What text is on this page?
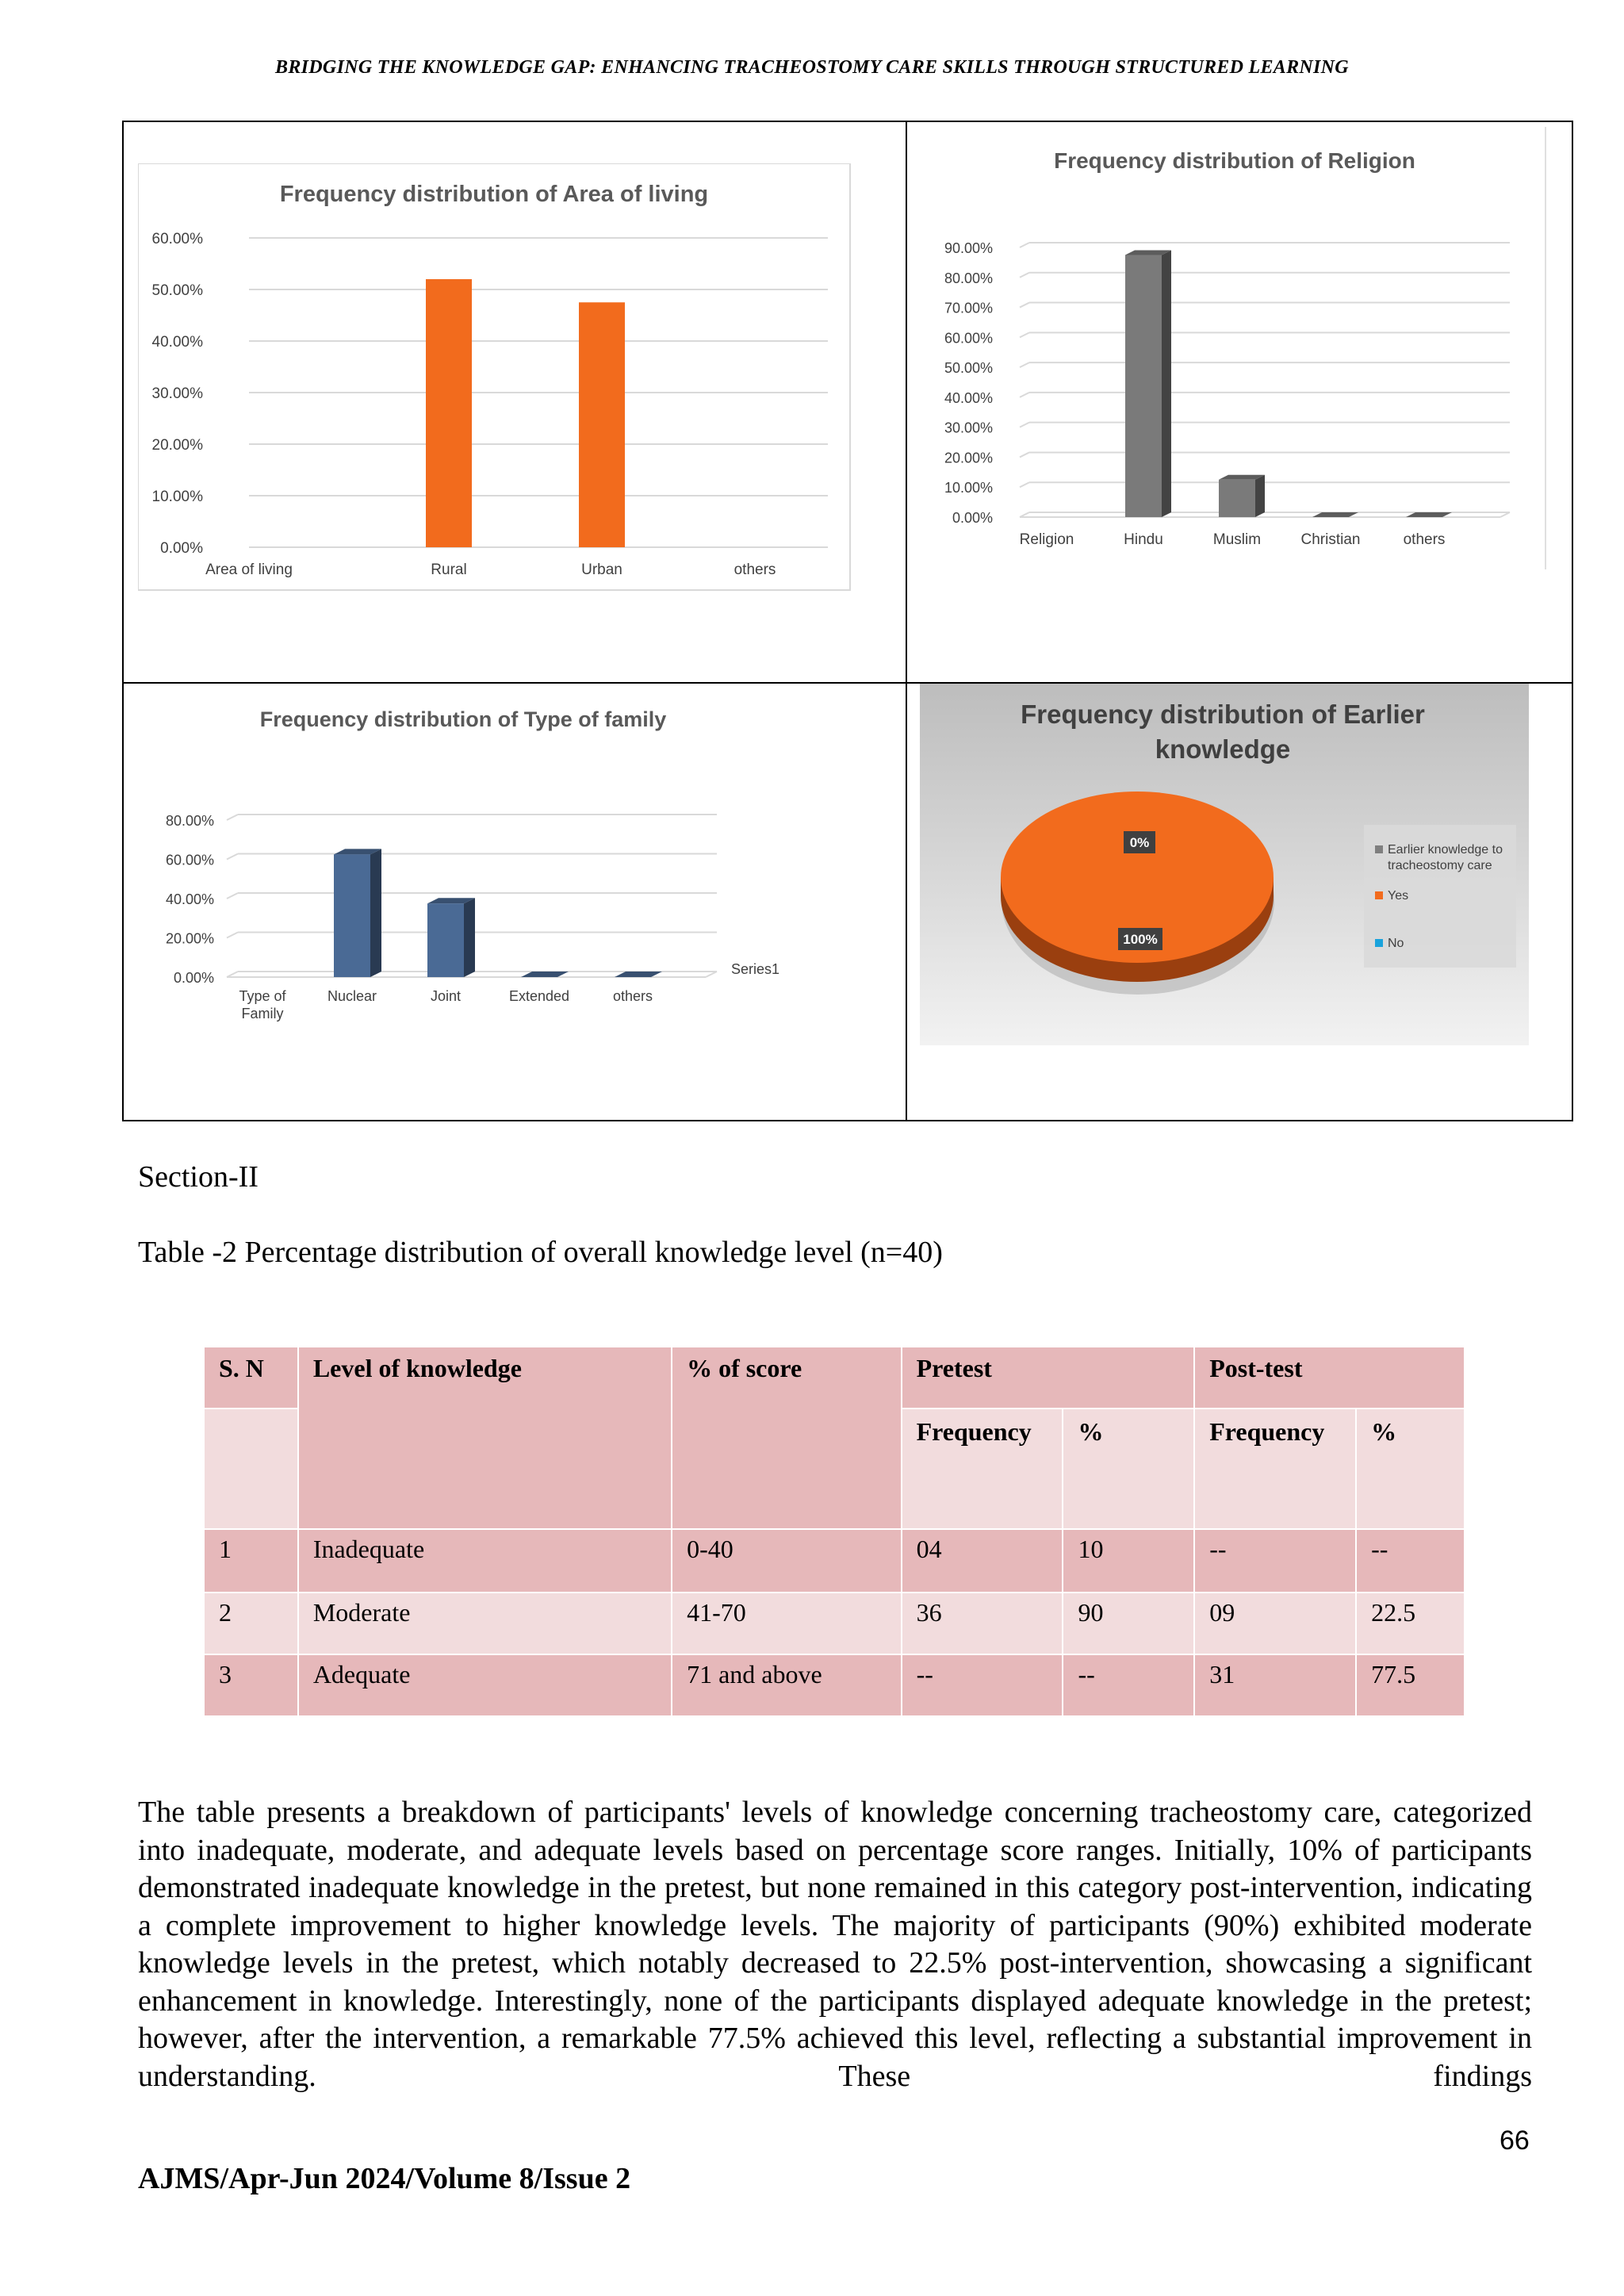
BRIDGING THE KNOWLEDGE GAP: ENHANCING TRACHEOSTOMY CARE SKILLS THROUGH STRUCTURED LEARNING
Frequency distribution of Area of living
0.00%
10.00%
20.00%
30.00%
40.00%
50.00%
60.00%
Rural	Urban	others
Area of living
Frequency distribution of Religion
0.00%
10.00%
20.00%
30.00%
40.00%
50.00%
60.00%
70.00%
80.00%
90.00%
Hindu	Muslim	Christian	others
Religion
Frequency distribution of Type of family
0.00%
20.00%
40.00%
60.00%
80.00%
Nuclear	Joint	Extended	others
Type of Family
Series1
Frequency distribution of Earlier knowledge
0%
100%
Earlier knowledge to tracheostomy care
Yes
No
Section-II
Table -2 Percentage distribution of overall knowledge level (n=40)
S. N	Level of knowledge	% of score	Pretest		Post-test	
			Frequency	%	Frequency	%
1	Inadequate	0-40	04	10	--	--
2	Moderate	41-70	36	90	09	22.5
3	Adequate	71 and above	--	--	31	77.5
The table presents a breakdown of participants' levels of knowledge concerning tracheostomy care, categorized into inadequate, moderate, and adequate levels based on percentage score ranges. Initially, 10% of participants demonstrated inadequate knowledge in the pretest, but none remained in this category post-intervention, indicating a complete improvement to higher knowledge levels. The majority of participants (90%) exhibited moderate knowledge levels in the pretest, which notably decreased to 22.5% post-intervention, showcasing a significant enhancement in knowledge. Interestingly, none of the participants displayed adequate knowledge in the pretest; however, after the intervention, a remarkable 77.5% achieved this level, reflecting a substantial improvement in understanding. These findings
66
AJMS/Apr-Jun 2024/Volume 8/Issue 2
